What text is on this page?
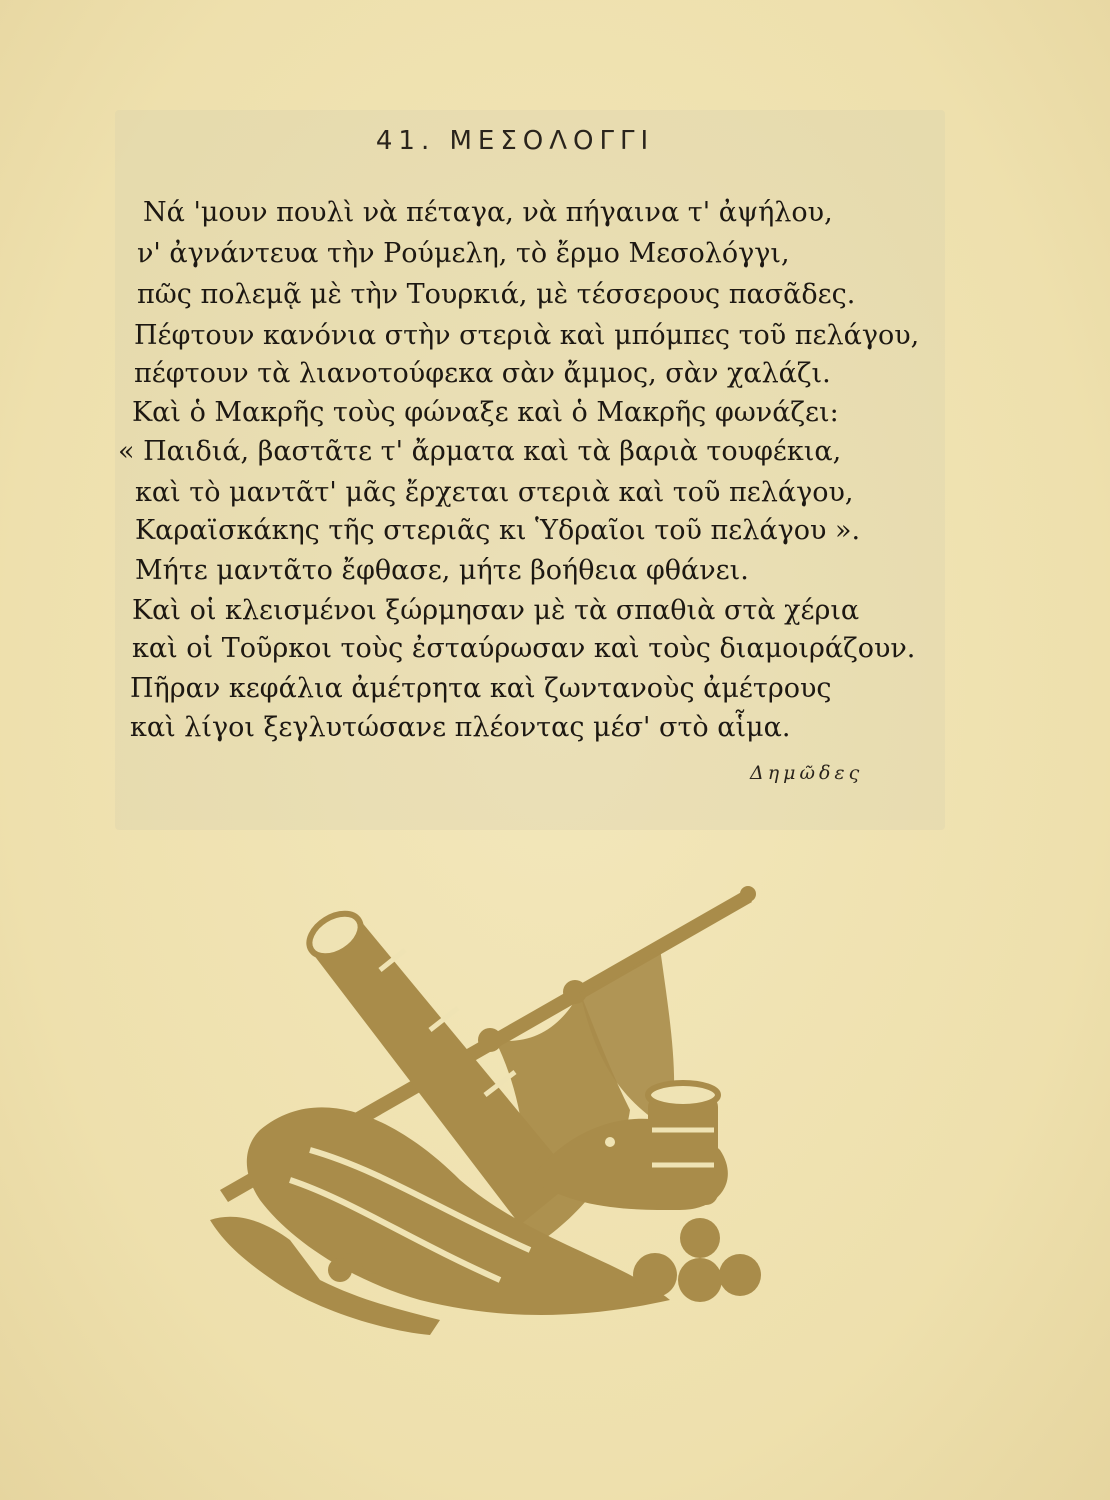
41. ΜΕΣΟΛΟΓΓΙ
Νά 'μουν πουλὶ νὰ πέταγα, νὰ πήγαινα τ' ἀψήλου,
ν' ἀγνάντευα τὴν Ρούμελη, τὸ ἔρμο Μεσολόγγι,
πῶς πολεμᾷ μὲ τὴν Τουρκιά, μὲ τέσσερους πασᾶδες.
Πέφτουν κανόνια στὴν στεριὰ καὶ μπόμπες τοῦ πελάγου,
πέφτουν τὰ λιανοτούφεκα σὰν ἄμμος, σὰν χαλάζι.
Καὶ ὁ Μακρῆς τοὺς φώναξε καὶ ὁ Μακρῆς φωνάζει:
« Παιδιά, βαστᾶτε τ' ἄρματα καὶ τὰ βαριὰ τουφέκια,
καὶ τὸ μαντᾶτ' μᾶς ἔρχεται στεριὰ καὶ τοῦ πελάγου,
Καραϊσκάκης τῆς στεριᾶς κι Ὑδραῖοι τοῦ πελάγου ».
Μήτε μαντᾶτο ἔφθασε, μήτε βοήθεια φθάνει.
Καὶ οἱ κλεισμένοι ξώρμησαν μὲ τὰ σπαθιὰ στὰ χέρια
καὶ οἱ Τοῦρκοι τοὺς ἐσταύρωσαν καὶ τοὺς διαμοιράζουν.
Πῆραν κεφάλια ἀμέτρητα καὶ ζωντανοὺς ἀμέτρους
καὶ λίγοι ξεγλυτώσανε πλέοντας μέσ' στὸ αἷμα.
Δημῶδες
